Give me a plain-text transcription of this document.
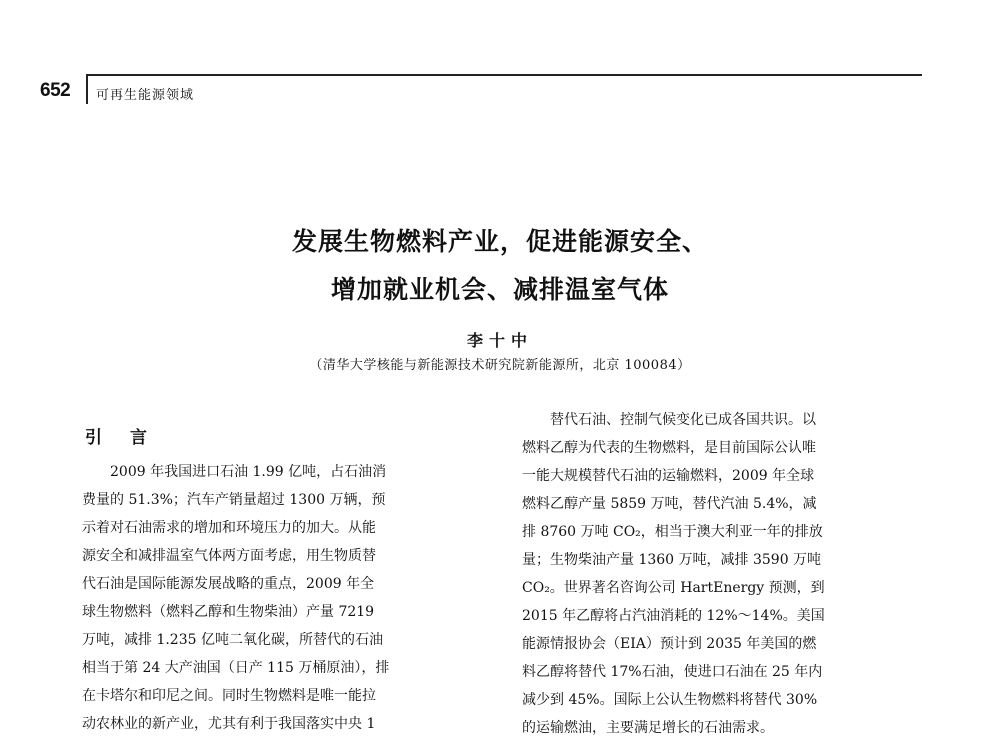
652 可再生能源领域
发展生物燃料产业，促进能源安全、
增加就业机会、减排温室气体
李十中
（清华大学核能与新能源技术研究院新能源所，北京 100084）
引言
　　2009 年我国进口石油 1.99 亿吨，占石油消
费量的 51.3%；汽车产销量超过 1300 万辆，预
示着对石油需求的增加和环境压力的加大。从能
源安全和减排温室气体两方面考虑，用生物质替
代石油是国际能源发展战略的重点，2009 年全
球生物燃料（燃料乙醇和生物柴油）产量 7219
万吨，减排 1.235 亿吨二氧化碳，所替代的石油
相当于第 24 大产油国（日产 115 万桶原油），排
在卡塔尔和印尼之间。同时生物燃料是唯一能拉
动农林业的新产业，尤其有利于我国落实中央 1
　　替代石油、控制气候变化已成各国共识。以
燃料乙醇为代表的生物燃料，是目前国际公认唯
一能大规模替代石油的运输燃料，2009 年全球
燃料乙醇产量 5859 万吨，替代汽油 5.4%，减
排 8760 万吨 CO₂，相当于澳大利亚一年的排放
量；生物柴油产量 1360 万吨，减排 3590 万吨
CO₂。世界著名咨询公司 HartEnergy 预测，到
2015 年乙醇将占汽油消耗的 12%～14%。美国
能源情报协会（EIA）预计到 2035 年美国的燃
料乙醇将替代 17%石油，使进口石油在 25 年内
减少到 45%。国际上公认生物燃料将替代 30%
的运输燃油，主要满足增长的石油需求。
